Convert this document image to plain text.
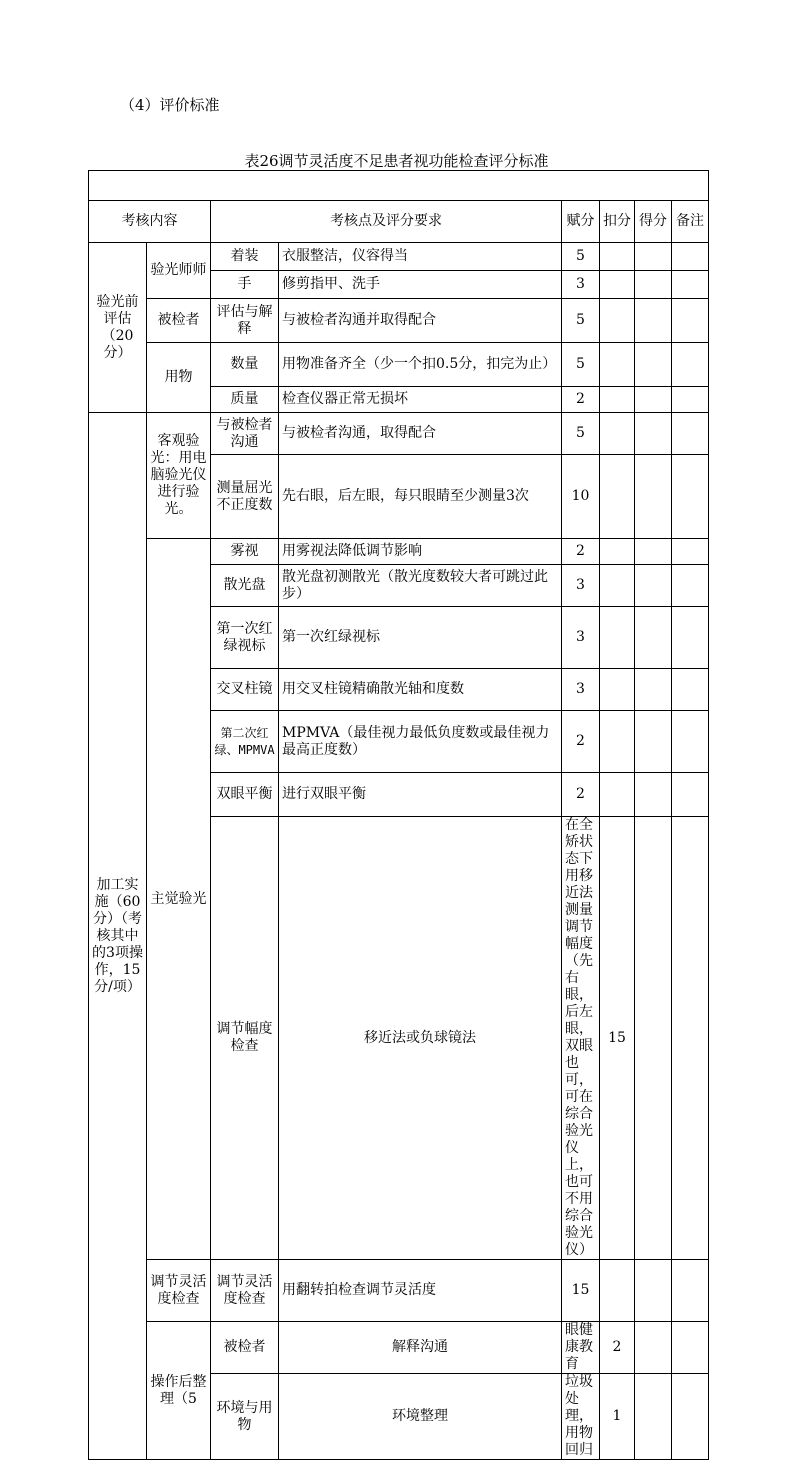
（4）评价标准
表26调节灵活度不足患者视功能检查评分标准

考核内容		考核点及评分要求		赋分	扣分	得分	备注	
验光前评估（20分）	验光师师	着装	衣服整洁，仪容得当	5				
		手	修剪指甲、洗手	3				
	被检者	评估与解释	与被检者沟通并取得配合	5				
	用物	数量	用物准备齐全（少一个扣0.5分，扣完为止）	5				
		质量	检查仪器正常无损坏	2				
加工实施（60分）（考核其中的3项操作，15分/项）	客观验光：用电脑验光仪进行验光。	与被检者沟通	与被检者沟通，取得配合	5				
		测量屈光不正度数	先右眼，后左眼，每只眼睛至少测量3次	10				
	主觉验光	雾视	用雾视法降低调节影响	2				
		散光盘	散光盘初测散光（散光度数较大者可跳过此步）	3				
		第一次红绿视标	第一次红绿视标	3				
		交叉柱镜	用交叉柱镜精确散光轴和度数	3				
		第二次红绿、MPMVA	MPMVA（最佳视力最低负度数或最佳视力最高正度数）	2				
		双眼平衡	进行双眼平衡	2				
		调节幅度检查	移近法或负球镜法	在全矫状态下用移近法测量调节幅度（先右眼，后左眼，双眼也可，可在综合验光仪上，也可不用综合验光仪）	15			
	调节灵活度检查	调节灵活度检查	用翻转拍检查调节灵活度	15				
	操作后整理（5	被检者	解释沟通	眼健康教育	2			
		环境与用物	环境整理	垃圾处理，用物回归	1			
